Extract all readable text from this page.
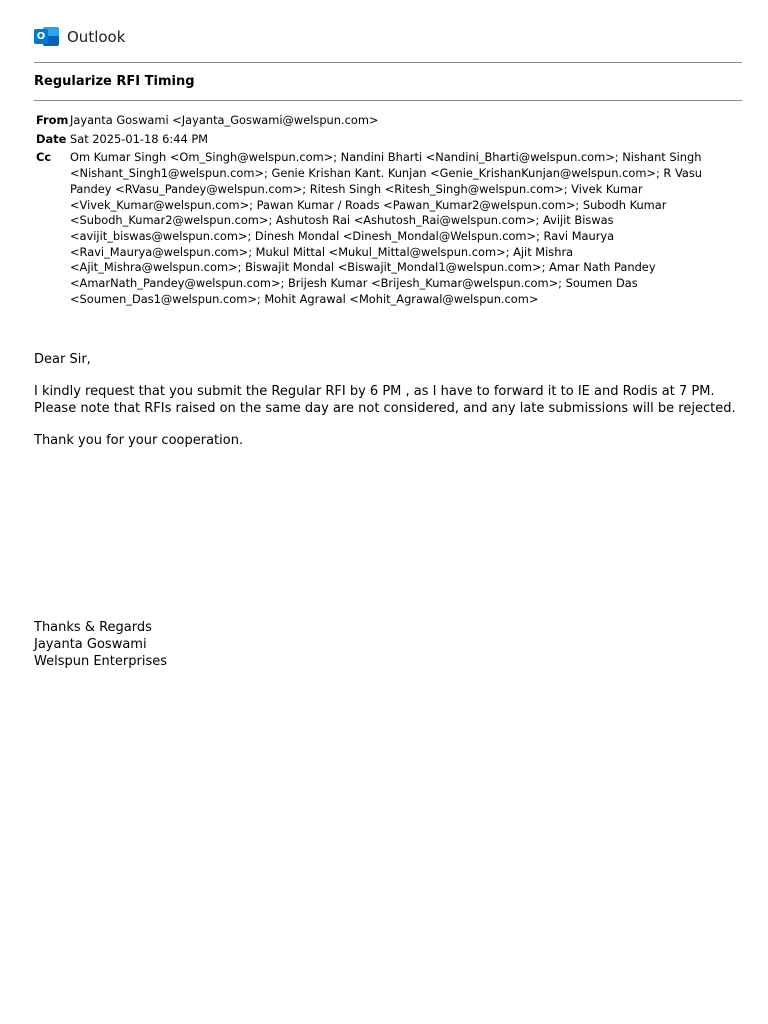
O Outlook
Regularize RFI Timing
From Jayanta Goswami <Jayanta_Goswami@welspun.com>
Date Sat 2025-01-18 6:44 PM
Cc	Om Kumar Singh <Om_Singh@welspun.com>; Nandini Bharti <Nandini_Bharti@welspun.com>; Nishant Singh <Nishant_Singh1@welspun.com>; Genie Krishan Kant. Kunjan <Genie_KrishanKunjan@welspun.com>; R Vasu Pandey <RVasu_Pandey@welspun.com>; Ritesh Singh <Ritesh_Singh@welspun.com>; Vivek Kumar <Vivek_Kumar@welspun.com>; Pawan Kumar / Roads <Pawan_Kumar2@welspun.com>; Subodh Kumar <Subodh_Kumar2@welspun.com>; Ashutosh Rai <Ashutosh_Rai@welspun.com>; Avijit Biswas <avijit_biswas@welspun.com>; Dinesh Mondal <Dinesh_Mondal@Welspun.com>; Ravi Maurya <Ravi_Maurya@welspun.com>; Mukul Mittal <Mukul_Mittal@welspun.com>; Ajit Mishra <Ajit_Mishra@welspun.com>; Biswajit Mondal <Biswajit_Mondal1@welspun.com>; Amar Nath Pandey <AmarNath_Pandey@welspun.com>; Brijesh Kumar <Brijesh_Kumar@welspun.com>; Soumen Das <Soumen_Das1@welspun.com>; Mohit Agrawal <Mohit_Agrawal@welspun.com>

Dear Sir,

I kindly request that you submit the Regular RFI by 6 PM , as I have to forward it to IE and Rodis at 7 PM. Please note that RFIs raised on the same day are not considered, and any late submissions will be rejected.

Thank you for your cooperation.

Thanks & Regards
Jayanta Goswami
Welspun Enterprises
